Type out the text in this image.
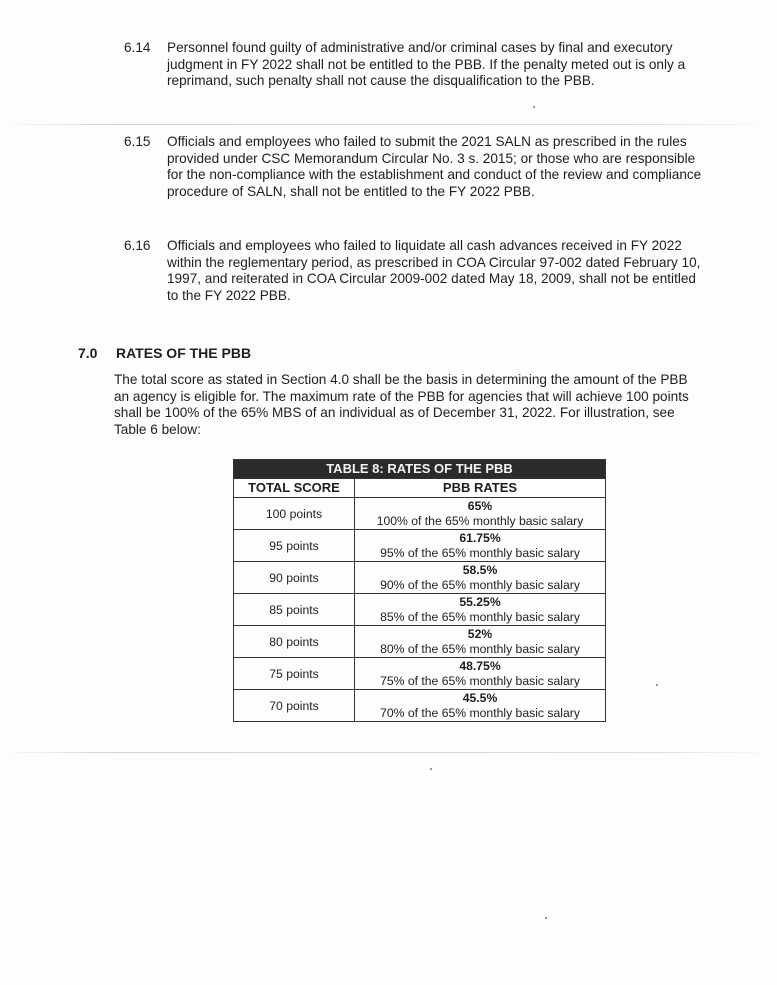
6.14	Personnel found guilty of administrative and/or criminal cases by final and executory judgment in FY 2022 shall not be entitled to the PBB. If the penalty meted out is only a reprimand, such penalty shall not cause the disqualification to the PBB.
6.15	Officials and employees who failed to submit the 2021 SALN as prescribed in the rules provided under CSC Memorandum Circular No. 3 s. 2015; or those who are responsible for the non-compliance with the establishment and conduct of the review and compliance procedure of SALN, shall not be entitled to the FY 2022 PBB.
6.16	Officials and employees who failed to liquidate all cash advances received in FY 2022 within the reglementary period, as prescribed in COA Circular 97-002 dated February 10, 1997, and reiterated in COA Circular 2009-002 dated May 18, 2009, shall not be entitled to the FY 2022 PBB.
7.0 RATES OF THE PBB
The total score as stated in Section 4.0 shall be the basis in determining the amount of the PBB an agency is eligible for. The maximum rate of the PBB for agencies that will achieve 100 points shall be 100% of the 65% MBS of an individual as of December 31, 2022. For illustration, see Table 6 below:
TABLE 8: RATES OF THE PBB	
TOTAL SCORE	PBB RATES
100 points	65%
100% of the 65% monthly basic salary

95 points	61.75%
95% of the 65% monthly basic salary

90 points	58.5%
90% of the 65% monthly basic salary

85 points	55.25%
85% of the 65% monthly basic salary

80 points	52%
80% of the 65% monthly basic salary

75 points	48.75%
75% of the 65% monthly basic salary

70 points	45.5%
70% of the 65% monthly basic salary
